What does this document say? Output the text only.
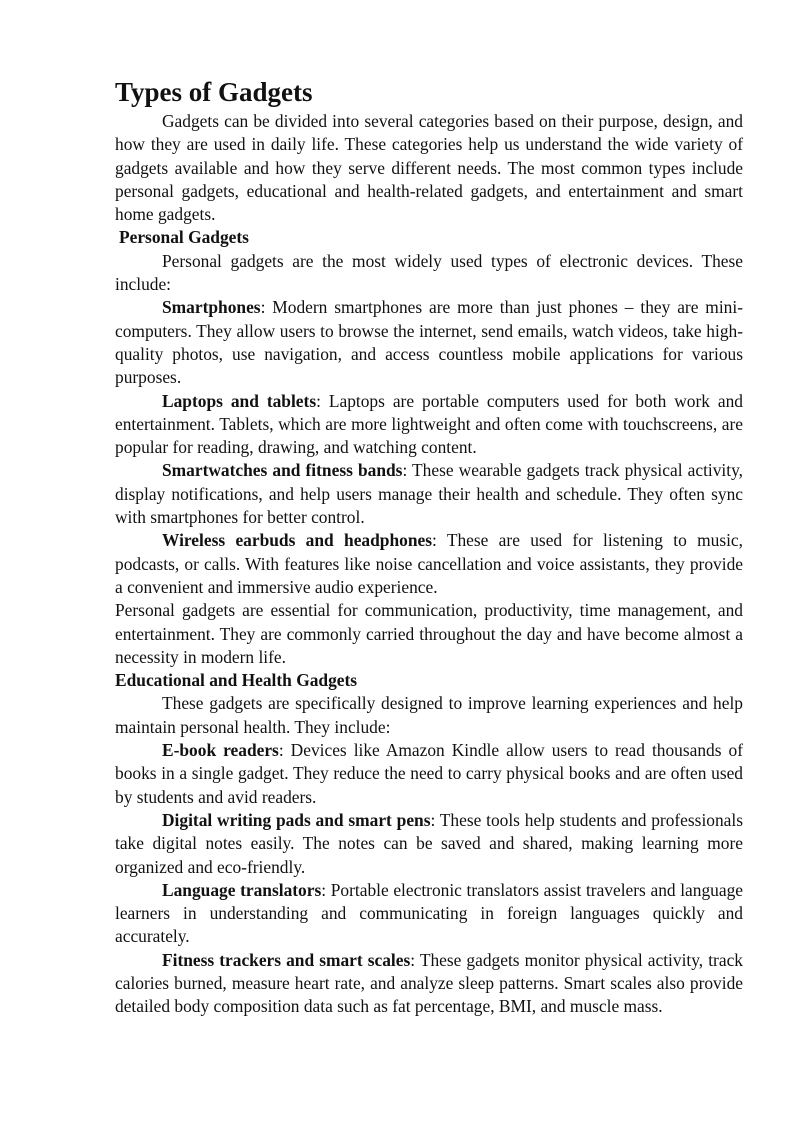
Types of Gadgets

Gadgets can be divided into several categories based on their purpose, design, and how they are used in daily life. These categories help us understand the wide variety of gadgets available and how they serve different needs. The most common types include personal gadgets, educational and health-related gadgets, and entertainment and smart home gadgets.

Personal Gadgets

Personal gadgets are the most widely used types of electronic devices. These include:

Smartphones: Modern smartphones are more than just phones – they are mini-computers. They allow users to browse the internet, send emails, watch videos, take high-quality photos, use navigation, and access countless mobile applications for various purposes.

Laptops and tablets: Laptops are portable computers used for both work and entertainment. Tablets, which are more lightweight and often come with touchscreens, are popular for reading, drawing, and watching content.

Smartwatches and fitness bands: These wearable gadgets track physical activity, display notifications, and help users manage their health and schedule. They often sync with smartphones for better control.

Wireless earbuds and headphones: These are used for listening to music, podcasts, or calls. With features like noise cancellation and voice assistants, they provide a convenient and immersive audio experience.

Personal gadgets are essential for communication, productivity, time management, and entertainment. They are commonly carried throughout the day and have become almost a necessity in modern life.

Educational and Health Gadgets

These gadgets are specifically designed to improve learning experiences and help maintain personal health. They include:

E-book readers: Devices like Amazon Kindle allow users to read thousands of books in a single gadget. They reduce the need to carry physical books and are often used by students and avid readers.

Digital writing pads and smart pens: These tools help students and professionals take digital notes easily. The notes can be saved and shared, making learning more organized and eco-friendly.

Language translators: Portable electronic translators assist travelers and language learners in understanding and communicating in foreign languages quickly and accurately.

Fitness trackers and smart scales: These gadgets monitor physical activity, track calories burned, measure heart rate, and analyze sleep patterns. Smart scales also provide detailed body composition data such as fat percentage, BMI, and muscle mass.
